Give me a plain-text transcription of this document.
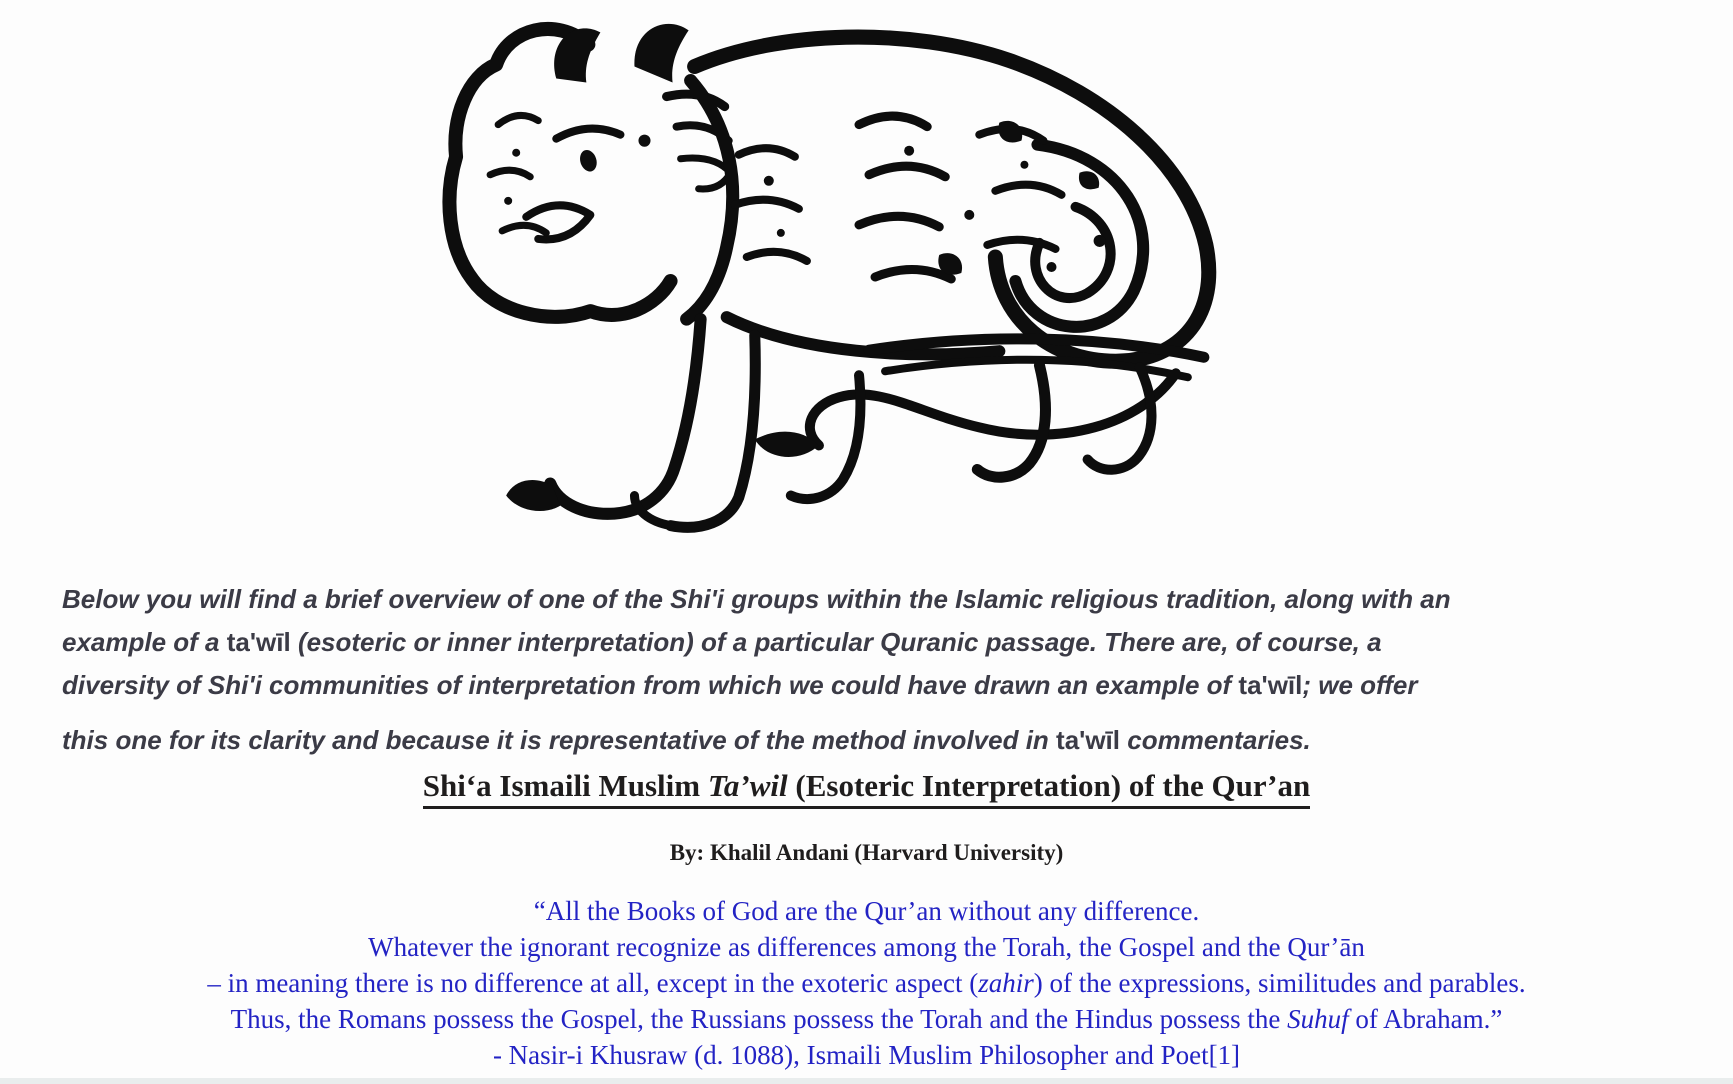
Below you will find a brief overview of one of the Shi'i groups within the Islamic religious tradition, along with an
example of a ta'wīl (esoteric or inner interpretation) of a particular Quranic passage. There are, of course, a
diversity of Shi'i communities of interpretation from which we could have drawn an example of ta'wīl; we offer
this one for its clarity and because it is representative of the method involved in ta'wīl commentaries.
Shi‘a Ismaili Muslim Ta’wil (Esoteric Interpretation) of the Qur’an
By: Khalil Andani (Harvard University)
“All the Books of God are the Qur’an without any difference.
Whatever the ignorant recognize as differences among the Torah, the Gospel and the Qur’ān
– in meaning there is no difference at all, except in the exoteric aspect (zahir) of the expressions, similitudes and parables.
Thus, the Romans possess the Gospel, the Russians possess the Torah and the Hindus possess the Suhuf of Abraham.”
- Nasir-i Khusraw (d. 1088), Ismaili Muslim Philosopher and Poet[1]
